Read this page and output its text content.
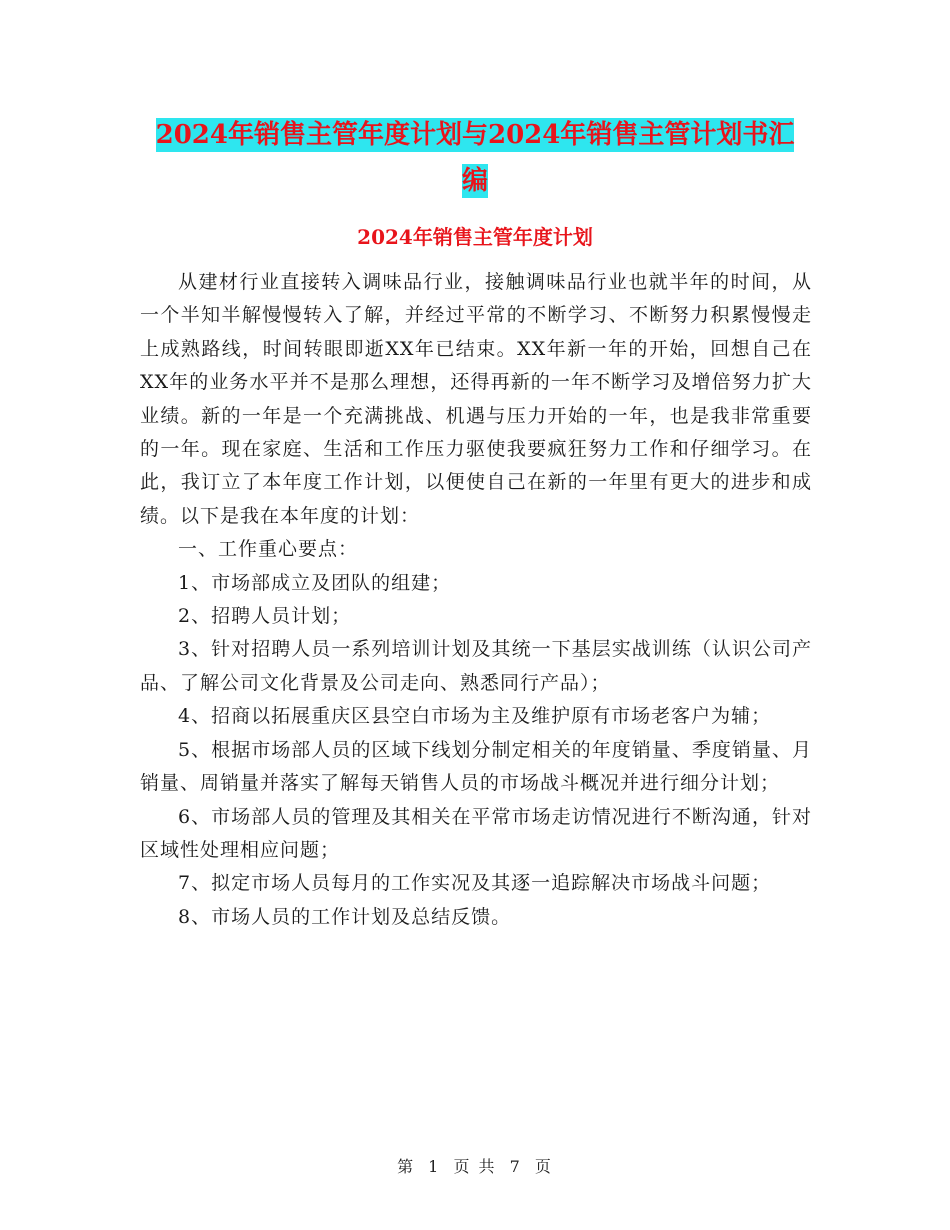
2024年销售主管年度计划与2024年销售主管计划书汇
编
2024年销售主管年度计划

从建材行业直接转入调味品行业，接触调味品行业也就半年的时间，从一个半知半解慢慢转入了解，并经过平常的不断学习、不断努力积累慢慢走上成熟路线，时间转眼即逝XX年已结束。XX年新一年的开始，回想自己在XX年的业务水平并不是那么理想，还得再新的一年不断学习及增倍努力扩大业绩。新的一年是一个充满挑战、机遇与压力开始的一年，也是我非常重要的一年。现在家庭、生活和工作压力驱使我要疯狂努力工作和仔细学习。在此，我订立了本年度工作计划，以便使自己在新的一年里有更大的进步和成绩。以下是我在本年度的计划：

一、工作重心要点：

1、市场部成立及团队的组建；

2、招聘人员计划；

3、针对招聘人员一系列培训计划及其统一下基层实战训练（认识公司产品、了解公司文化背景及公司走向、熟悉同行产品）；

4、招商以拓展重庆区县空白市场为主及维护原有市场老客户为辅；

5、根据市场部人员的区域下线划分制定相关的年度销量、季度销量、月销量、周销量并落实了解每天销售人员的市场战斗概况并进行细分计划；

6、市场部人员的管理及其相关在平常市场走访情况进行不断沟通，针对区域性处理相应问题；

7、拟定市场人员每月的工作实况及其逐一追踪解决市场战斗问题；

8、市场人员的工作计划及总结反馈。

第 1 页 共 7 页
